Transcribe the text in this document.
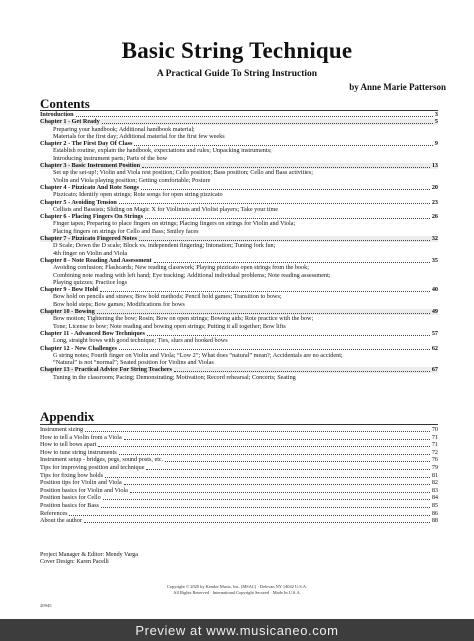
Basic String Technique
A Practical Guide To String Instruction
by Anne Marie Patterson
Contents
Introduction	3
Chapter 1 - Get Ready	5
Preparing your handbook; Additional handbook material;
Materials for the first day; Additional material for the first few weeks
Chapter 2 - The First Day Of Class	9
Establish routine, explain the handbook, expectations and rules; Unpacking instruments;
Introducing instrument parts; Parts of the bow
Chapter 3 - Basic Instrument Position	13
Set up the set-up!; Violin and Viola rest position; Cello position; Bass position; Cello and Bass activities;
Violin and Viola playing position; Getting comfortable; Posture
Chapter 4 - Pizzicato And Rote Songs	20
Pizzicato; Identify open strings; Rote songs for open string pizzicato
Chapter 5 - Avoiding Tension	23
Cellists and Bassists; Sliding on Magic X for Violinists and Violist players; Take your time
Chapter 6 - Placing Fingers On Strings	26
Finger tapes; Preparing to place fingers on strings; Placing fingers on strings for Violin and Viola;
Placing fingers on strings for Cello and Bass; Smiley faces
Chapter 7 - Pizzicato Fingered Notes	32
D Scale; Down the D scale; Block vs. independent fingering; Intonation; Tuning fork fun;
4th finger on Violin and Viola
Chapter 8 - Note Reading And Assessment	35
Avoiding confusion; Flashcards; New reading classwork; Playing pizzicato open strings from the book;
Combining note reading with left hand; Eye tracking; Additional individual problems; Note reading assessment;
Playing quizzes; Practice logs
Chapter 9 - Bow Hold	40
Bow hold on pencils and straws; Bow hold methods; Pencil hold games; Transition to bows;
Bow hold steps; Bow games; Modifications for bows
Chapter 10 - Bowing	49
Bow motion; Tightening the bow; Rosin; Bow on open strings; Bowing aids; Rote practice with the bow;
Tone; License to bow; Note reading and bowing open strings; Putting it all together; Bow lifts
Chapter 11 - Advanced Bow Techniques	57
Long, straight bows with good technique; Ties, slurs and hooked bows
Chapter 12 - New Challenges	62
G string notes; Fourth finger on Violin and Viola; “Low 2”; What does “natural” mean?; Accidentals are no accident;
“Natural” is not “normal”; Seated position for Violins and Violas
Chapter 13 - Practical Advice For String Teachers	67
Tuning in the classroom; Pacing; Demonstrating; Motivation; Record rehearsal; Concerts; Seating
Appendix
Instrument sizing	70
How to tell a Violin from a Viola	71
How to tell bows apart	71
How to tune string instruments	72
Instrument setup - bridges, pegs, sound posts, etc.	76
Tips for improving position and technique	79
Tips for fixing bow holds	81
Position tips for Violin and Viola	82
Position basics for Violin and Viola	83
Position basics for Cello	84
Position basics for Bass	85
References	86
About the author	88
Project Manager & Editor: Mendy Varga
Cover Design: Karen Pacelli
Copyright © 2020 by Kendor Music, Inc. (MSAC) · Delevan NY 14042 U.S.A.
All Rights Reserved · International Copyright Secured · Made In U.S.A.
20945
Preview at www.musicaneo.com
